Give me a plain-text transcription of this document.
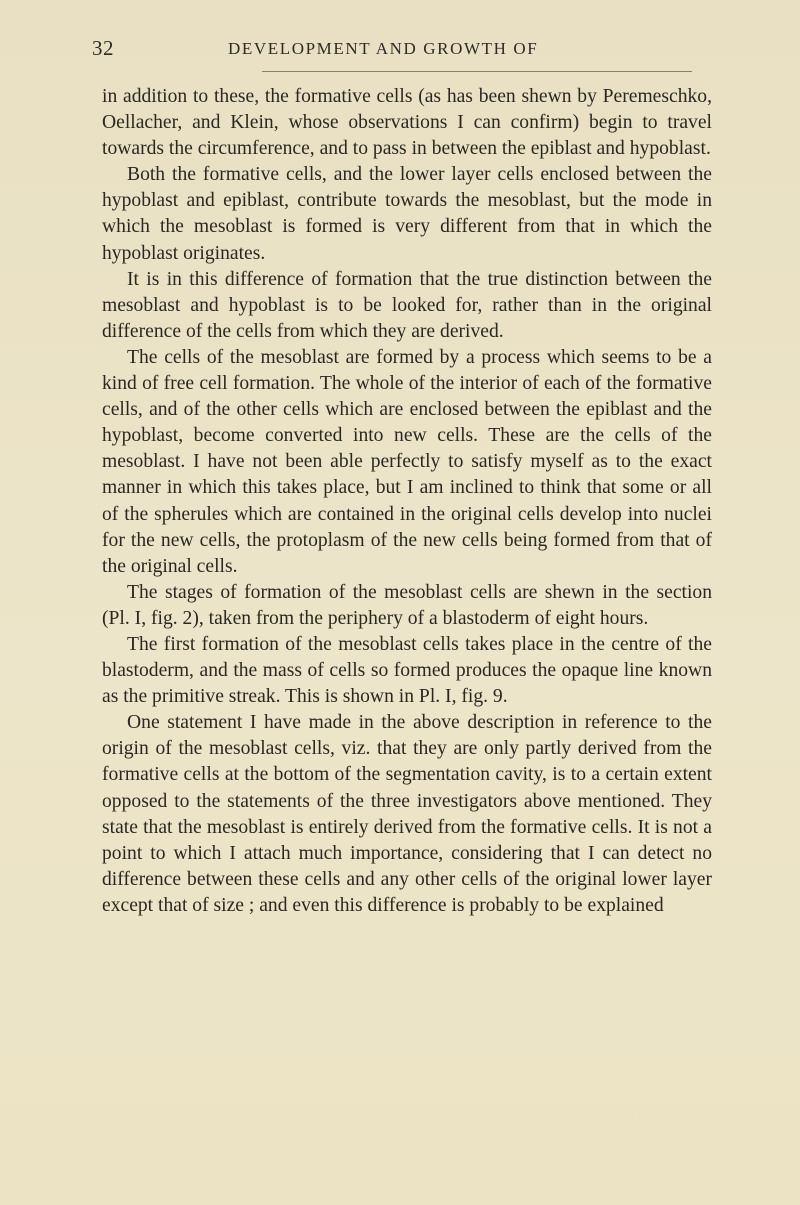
32	DEVELOPMENT AND GROWTH OF

in addition to these, the formative cells (as has been shewn by Peremeschko, Oellacher, and Klein, whose observations I can confirm) begin to travel towards the circumference, and to pass in between the epiblast and hypoblast.

Both the formative cells, and the lower layer cells enclosed between the hypoblast and epiblast, contribute towards the mesoblast, but the mode in which the mesoblast is formed is very different from that in which the hypoblast originates.

It is in this difference of formation that the true distinction between the mesoblast and hypoblast is to be looked for, rather than in the original difference of the cells from which they are derived.

The cells of the mesoblast are formed by a process which seems to be a kind of free cell formation. The whole of the interior of each of the formative cells, and of the other cells which are enclosed between the epiblast and the hypoblast, become converted into new cells. These are the cells of the mesoblast. I have not been able perfectly to satisfy myself as to the exact manner in which this takes place, but I am inclined to think that some or all of the spherules which are contained in the original cells develop into nuclei for the new cells, the protoplasm of the new cells being formed from that of the original cells.

The stages of formation of the mesoblast cells are shewn in the section (Pl. I, fig. 2), taken from the periphery of a blastoderm of eight hours.

The first formation of the mesoblast cells takes place in the centre of the blastoderm, and the mass of cells so formed produces the opaque line known as the primitive streak. This is shown in Pl. I, fig. 9.

One statement I have made in the above description in reference to the origin of the mesoblast cells, viz. that they are only partly derived from the formative cells at the bottom of the segmentation cavity, is to a certain extent opposed to the statements of the three investigators above mentioned. They state that the mesoblast is entirely derived from the formative cells. It is not a point to which I attach much importance, considering that I can detect no difference between these cells and any other cells of the original lower layer except that of size ; and even this difference is probably to be explained
